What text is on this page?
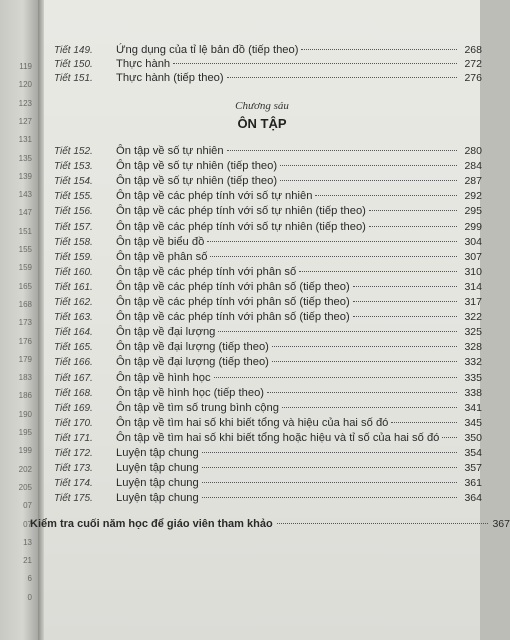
119
120
123
127
131
135
139
143
147
151
155
159
165
168
173
176
179
183
186
190
195
199
202
205
07
07
13
21
6
0
Tiết 149.	Ứng dụng của tỉ lệ bản đồ (tiếp theo)	268
Tiết 150.	Thực hành	272
Tiết 151.	Thực hành (tiếp theo)	276
Chương sáu
ÔN TẬP
Tiết 152.	Ôn tập về số tự nhiên	280
Tiết 153.	Ôn tập về số tự nhiên (tiếp theo)	284
Tiết 154.	Ôn tập về số tự nhiên (tiếp theo)	287
Tiết 155.	Ôn tập về các phép tính với số tự nhiên	292
Tiết 156.	Ôn tập về các phép tính với số tự nhiên (tiếp theo)	295
Tiết 157.	Ôn tập về các phép tính với số tự nhiên (tiếp theo)	299
Tiết 158.	Ôn tập về biểu đồ	304
Tiết 159.	Ôn tập về phân số	307
Tiết 160.	Ôn tập về các phép tính với phân số	310
Tiết 161.	Ôn tập về các phép tính với phân số (tiếp theo)	314
Tiết 162.	Ôn tập về các phép tính với phân số (tiếp theo)	317
Tiết 163.	Ôn tập về các phép tính với phân số (tiếp theo)	322
Tiết 164.	Ôn tập về đại lượng	325
Tiết 165.	Ôn tập về đại lượng (tiếp theo)	328
Tiết 166.	Ôn tập về đại lượng (tiếp theo)	332
Tiết 167.	Ôn tập về hình học	335
Tiết 168.	Ôn tập về hình học (tiếp theo)	338
Tiết 169.	Ôn tập về tìm số trung bình cộng	341
Tiết 170.	Ôn tập về tìm hai số khi biết tổng và hiệu của hai số đó	345
Tiết 171.	Ôn tập về tìm hai số khi biết tổng hoặc hiệu và tỉ số của hai số đó	350
Tiết 172.	Luyện tập chung	354
Tiết 173.	Luyện tập chung	357
Tiết 174.	Luyện tập chung	361
Tiết 175.	Luyện tập chung	364
Kiểm tra cuối năm học để giáo viên tham khảo	367
